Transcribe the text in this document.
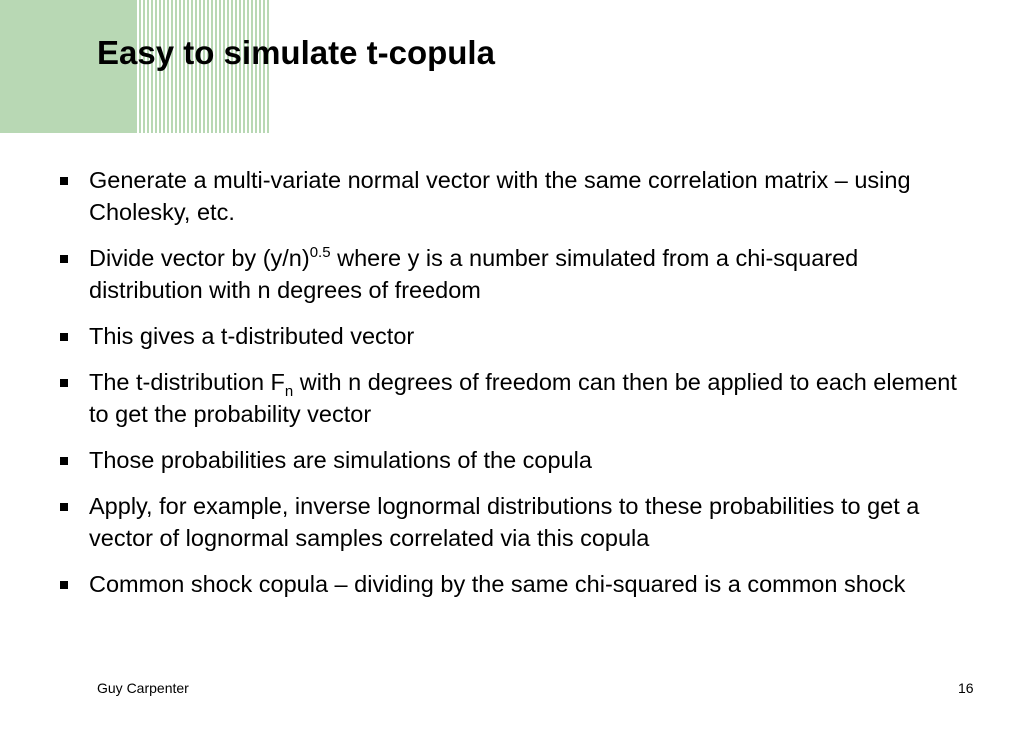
Easy to simulate t-copula
Generate a multi-variate normal vector with the same correlation matrix – using Cholesky, etc.
Divide vector by $(y/n)^{0.5}$ where y is a number simulated from a chi-squared distribution with n degrees of freedom
This gives a t-distributed vector
The t-distribution $F_n$ with n degrees of freedom can then be applied to each element to get the probability vector
Those probabilities are simulations of the copula
Apply, for example, inverse lognormal distributions to these probabilities to get a vector of lognormal samples correlated via this copula
Common shock copula – dividing by the same chi-squared is a common shock
Guy Carpenter	16
